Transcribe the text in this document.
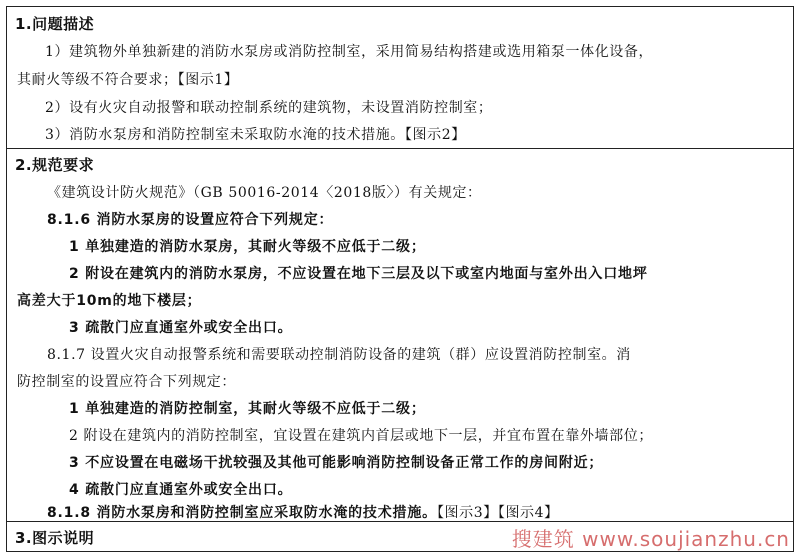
1.问题描述
1）建筑物外单独新建的消防水泵房或消防控制室，采用简易结构搭建或选用箱泵一体化设备，
其耐火等级不符合要求；【图示1】
2）设有火灾自动报警和联动控制系统的建筑物，未设置消防控制室；
3）消防水泵房和消防控制室未采取防水淹的技术措施。【图示2】
2.规范要求
《建筑设计防火规范》（GB 50016-2014〈2018版〉）有关规定：
8.1.6 消防水泵房的设置应符合下列规定：
1 单独建造的消防水泵房，其耐火等级不应低于二级；
2 附设在建筑内的消防水泵房，不应设置在地下三层及以下或室内地面与室外出入口地坪
高差大于10m的地下楼层；
3 疏散门应直通室外或安全出口。
8.1.7 设置火灾自动报警系统和需要联动控制消防设备的建筑（群）应设置消防控制室。消
防控制室的设置应符合下列规定：
1 单独建造的消防控制室，其耐火等级不应低于二级；
2 附设在建筑内的消防控制室，宜设置在建筑内首层或地下一层，并宜布置在靠外墙部位；
3 不应设置在电磁场干扰较强及其他可能影响消防控制设备正常工作的房间附近；
4 疏散门应直通室外或安全出口。
8.1.8 消防水泵房和消防控制室应采取防水淹的技术措施。【图示3】【图示4】
3.图示说明	搜建筑 www.soujianzhu.cn
